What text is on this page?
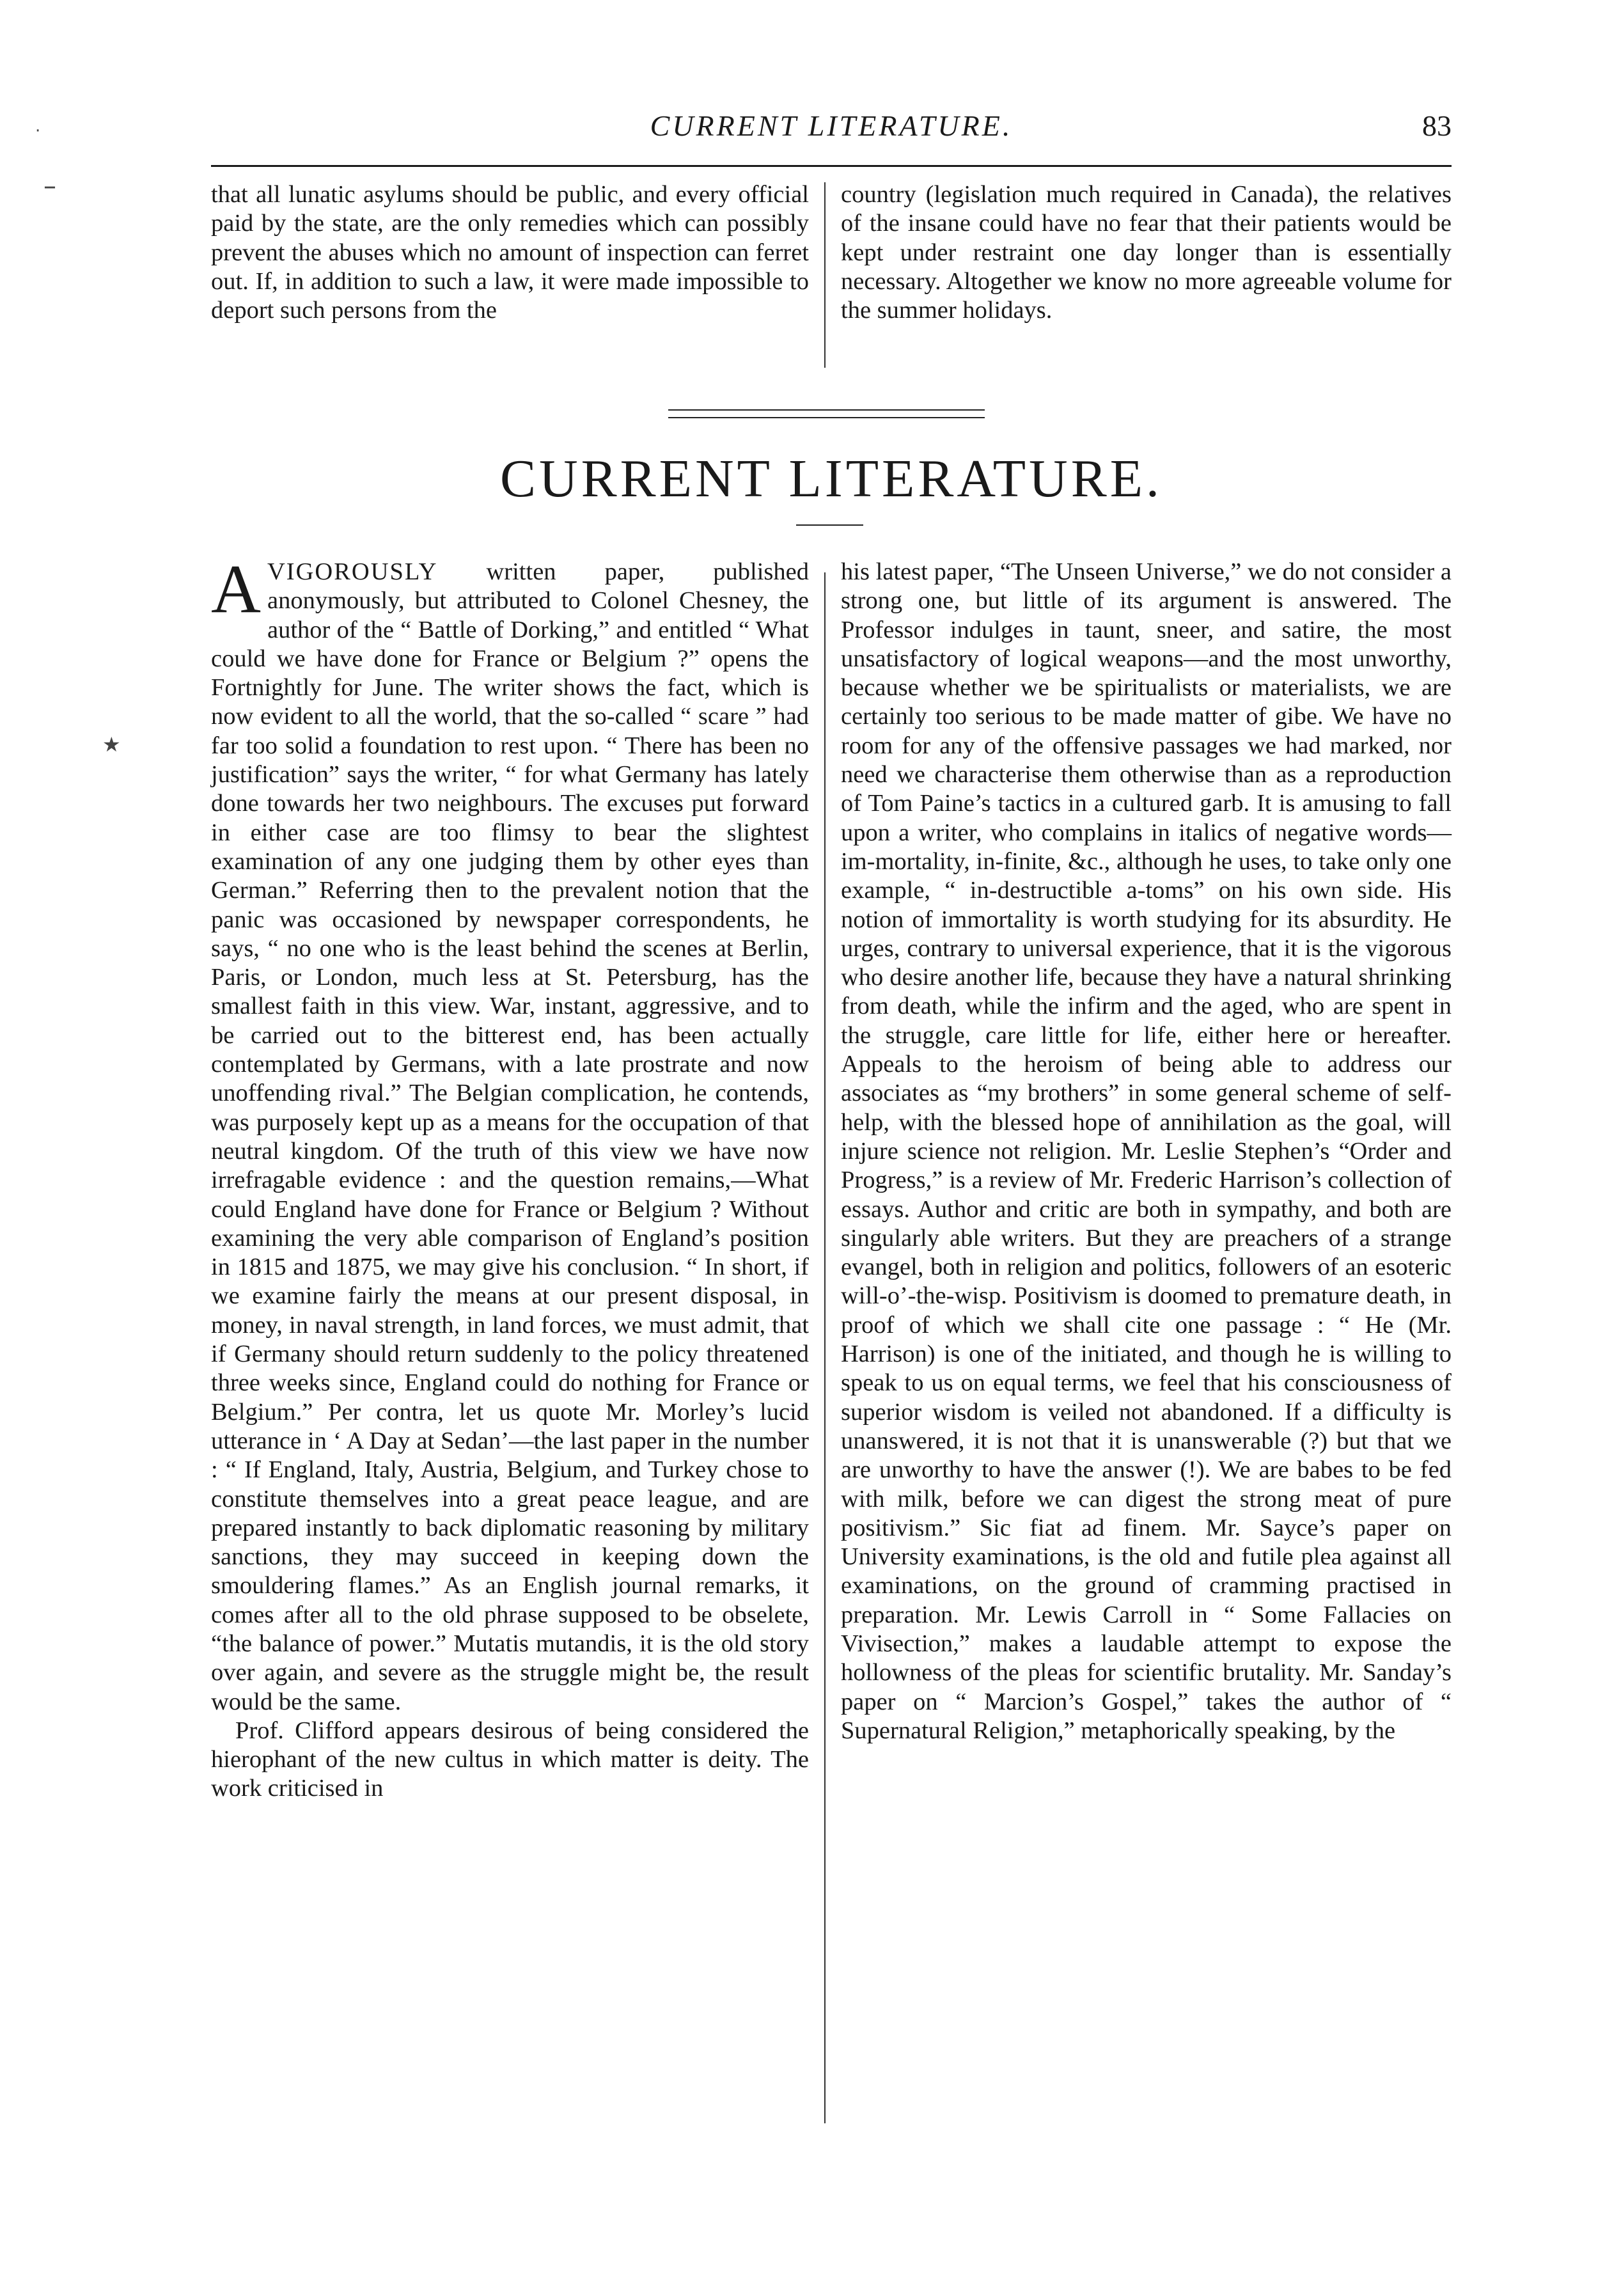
CURRENT LITERATURE.	83
·
–
★

that all lunatic asylums should be public, and every official paid by the state, are the only remedies which can possibly prevent the abuses which no amount of inspection can ferret out. If, in addition to such a law, it were made impossible to deport such persons from the

country (legislation much required in Canada), the relatives of the insane could have no fear that their patients would be kept under restraint one day longer than is essentially necessary. Altogether we know no more agreeable volume for the summer holidays.

CURRENT LITERATURE.

AVIGOROUSLY written paper, published anonymously, but attributed to Colonel Chesney, the author of the “ Battle of Dorking,” and entitled “ What could we have done for France or Belgium ?” opens the Fortnightly for June. The writer shows the fact, which is now evident to all the world, that the so-called “ scare ” had far too solid a foundation to rest upon. “ There has been no justification” says the writer, “ for what Germany has lately done towards her two neighbours. The excuses put forward in either case are too flimsy to bear the slightest examination of any one judging them by other eyes than German.” Referring then to the prevalent notion that the panic was occasioned by newspaper correspondents, he says, “ no one who is the least behind the scenes at Berlin, Paris, or London, much less at St. Petersburg, has the smallest faith in this view. War, instant, aggressive, and to be carried out to the bitterest end, has been actually contemplated by Germans, with a late prostrate and now unoffending rival.” The Belgian complication, he contends, was purposely kept up as a means for the occupation of that neutral kingdom. Of the truth of this view we have now irrefragable evidence : and the question remains,—What could England have done for France or Belgium ? Without examining the very able comparison of England’s position in 1815 and 1875, we may give his conclusion. “ In short, if we examine fairly the means at our present disposal, in money, in naval strength, in land forces, we must admit, that if Germany should return suddenly to the policy threatened three weeks since, England could do nothing for France or Belgium.” Per contra, let us quote Mr. Morley’s lucid utterance in ‘ A Day at Sedan’—the last paper in the number : “ If England, Italy, Austria, Belgium, and Turkey chose to constitute themselves into a great peace league, and are prepared instantly to back diplomatic reasoning by military sanctions, they may succeed in keeping down the smouldering flames.” As an English journal remarks, it comes after all to the old phrase supposed to be obselete, “the balance of power.” Mutatis mutandis, it is the old story over again, and severe as the struggle might be, the result would be the same.

Prof. Clifford appears desirous of being considered the hierophant of the new cultus in which matter is deity. The work criticised in

his latest paper, “The Unseen Universe,” we do not consider a strong one, but little of its argument is answered. The Professor indulges in taunt, sneer, and satire, the most unsatisfactory of logical weapons—and the most unworthy, because whether we be spiritualists or materialists, we are certainly too serious to be made matter of gibe. We have no room for any of the offensive passages we had marked, nor need we characterise them otherwise than as a reproduction of Tom Paine’s tactics in a cultured garb. It is amusing to fall upon a writer, who complains in italics of negative words—im-mortality, in-finite, &c., although he uses, to take only one example, “ in-destructible a-toms” on his own side. His notion of immortality is worth studying for its absurdity. He urges, contrary to universal experience, that it is the vigorous who desire another life, because they have a natural shrinking from death, while the infirm and the aged, who are spent in the struggle, care little for life, either here or hereafter. Appeals to the heroism of being able to address our associates as “my brothers” in some general scheme of self-help, with the blessed hope of annihilation as the goal, will injure science not religion. Mr. Leslie Stephen’s “Order and Progress,” is a review of Mr. Frederic Harrison’s collection of essays. Author and critic are both in sympathy, and both are singularly able writers. But they are preachers of a strange evangel, both in religion and politics, followers of an esoteric will-o’-the-wisp. Positivism is doomed to premature death, in proof of which we shall cite one passage : “ He (Mr. Harrison) is one of the initiated, and though he is willing to speak to us on equal terms, we feel that his consciousness of superior wisdom is veiled not abandoned. If a difficulty is unanswered, it is not that it is unanswerable (?) but that we are unworthy to have the answer (!). We are babes to be fed with milk, before we can digest the strong meat of pure positivism.” Sic fiat ad finem. Mr. Sayce’s paper on University examinations, is the old and futile plea against all examinations, on the ground of cramming practised in preparation. Mr. Lewis Carroll in “ Some Fallacies on Vivisection,” makes a laudable attempt to expose the hollowness of the pleas for scientific brutality. Mr. Sanday’s paper on “ Marcion’s Gospel,” takes the author of “ Supernatural Religion,” metaphorically speaking, by the
